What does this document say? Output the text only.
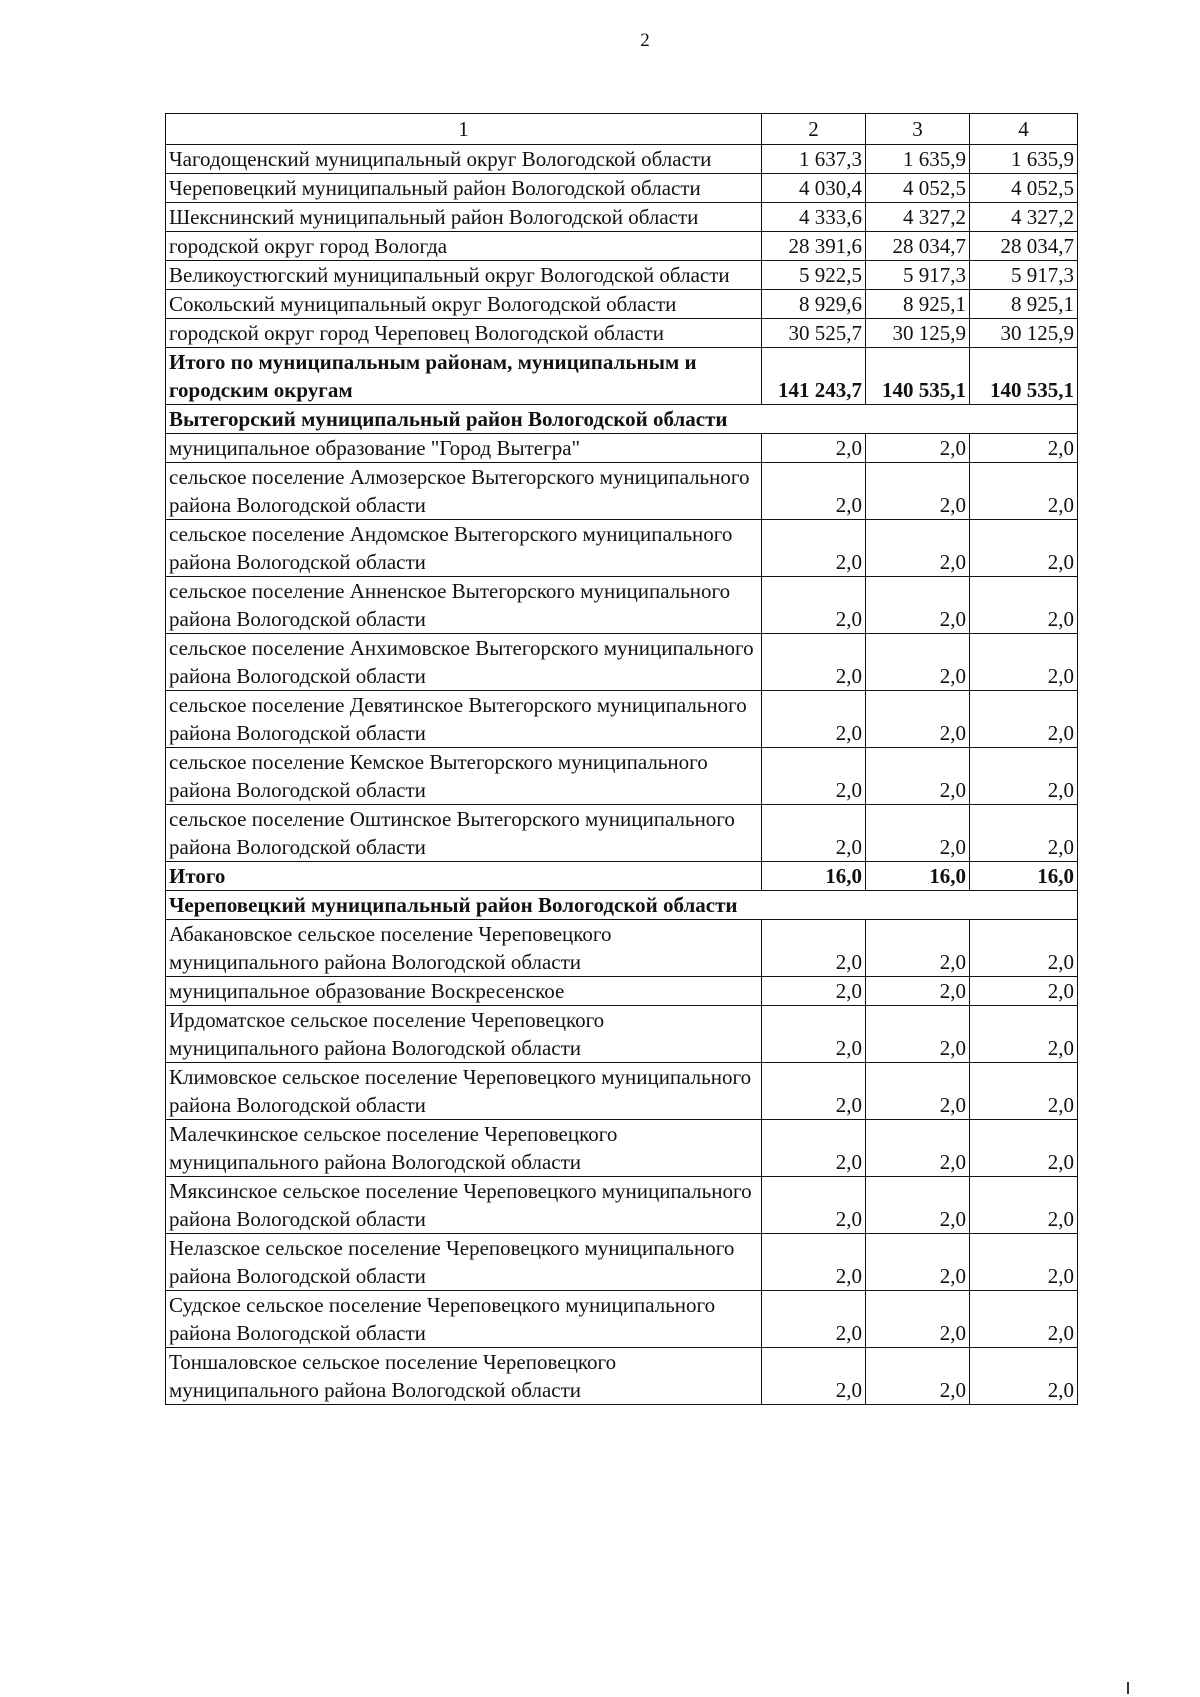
2
1	2	3	4
Чагодощенский муниципальный округ Вологодской области	1 637,3	1 635,9	1 635,9
Череповецкий муниципальный район Вологодской области	4 030,4	4 052,5	4 052,5
Шекснинский муниципальный район Вологодской области	4 333,6	4 327,2	4 327,2
городской округ город Вологда	28 391,6	28 034,7	28 034,7
Великоустюгский муниципальный округ Вологодской области	5 922,5	5 917,3	5 917,3
Сокольский муниципальный округ Вологодской области	8 929,6	8 925,1	8 925,1
городской округ город Череповец Вологодской области	30 525,7	30 125,9	30 125,9
Итого по муниципальным районам, муниципальным и городским округам	141 243,7	140 535,1	140 535,1
Вытегорский муниципальный район Вологодской области			
муниципальное образование "Город Вытегра"	2,0	2,0	2,0
сельское поселение Алмозерское Вытегорского муниципального района Вологодской области	2,0	2,0	2,0
сельское поселение Андомское Вытегорского муниципального района Вологодской области	2,0	2,0	2,0
сельское поселение Анненское Вытегорского муниципального района Вологодской области	2,0	2,0	2,0
сельское поселение Анхимовское Вытегорского муниципального района Вологодской области	2,0	2,0	2,0
сельское поселение Девятинское Вытегорского муниципального района Вологодской области	2,0	2,0	2,0
сельское поселение Кемское Вытегорского муниципального района Вологодской области	2,0	2,0	2,0
сельское поселение Оштинское Вытегорского муниципального района Вологодской области	2,0	2,0	2,0
Итого	16,0	16,0	16,0
Череповецкий муниципальный район Вологодской области			
Абакановское сельское поселение Череповецкого муниципального района Вологодской области	2,0	2,0	2,0
муниципальное образование Воскресенское	2,0	2,0	2,0
Ирдоматское сельское поселение Череповецкого муниципального района Вологодской области	2,0	2,0	2,0
Климовское сельское поселение Череповецкого муниципального района Вологодской области	2,0	2,0	2,0
Малечкинское сельское поселение Череповецкого муниципального района Вологодской области	2,0	2,0	2,0
Мяксинское сельское поселение Череповецкого муниципального района Вологодской области	2,0	2,0	2,0
Нелазское сельское поселение Череповецкого муниципального района Вологодской области	2,0	2,0	2,0
Судское сельское поселение Череповецкого муниципального района Вологодской области	2,0	2,0	2,0
Тоншаловское сельское поселение Череповецкого муниципального района Вологодской области	2,0	2,0	2,0
